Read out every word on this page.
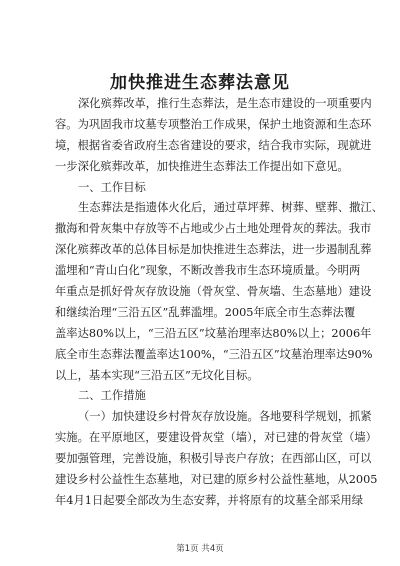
加快推进生态葬法意见
深化殡葬改革，推行生态葬法，是生态市建设的一项重要内
容。为巩固我市坟墓专项整治工作成果，保护土地资源和生态环
境，根据省委省政府生态省建设的要求，结合我市实际，现就进
一步深化殡葬改革，加快推进生态葬法工作提出如下意见。
一、工作目标
生态葬法是指遗体火化后，通过草坪葬、树葬、壁葬、撒江、
撒海和骨灰集中存放等不占地或少占土地处理骨灰的葬法。我市
深化殡葬改革的总体目标是加快推进生态葬法，进一步遏制乱葬
滥埋和“青山白化”现象，不断改善我市生态环境质量。今明两
年重点是抓好骨灰存放设施（骨灰堂、骨灰墙、生态墓地）建设
和继续治理“三沿五区”乱葬滥埋。2005年底全市生态葬法覆
盖率达80%以上，“三沿五区”坟墓治理率达80%以上；2006年
底全市生态葬法覆盖率达100%，“三沿五区”坟墓治理率达90%
以上，基本实现“三沿五区”无坟化目标。
二、工作措施
（一）加快建设乡村骨灰存放设施。各地要科学规划，抓紧
实施。在平原地区，要建设骨灰堂（墙），对已建的骨灰堂（墙）
要加强管理，完善设施，积极引导丧户存放；在西部山区，可以
建设乡村公益性生态墓地，对已建的原乡村公益性墓地，从2005
年4月1日起要全部改为生态安葬，并将原有的坟墓全部采用绿
第1页 共4页
